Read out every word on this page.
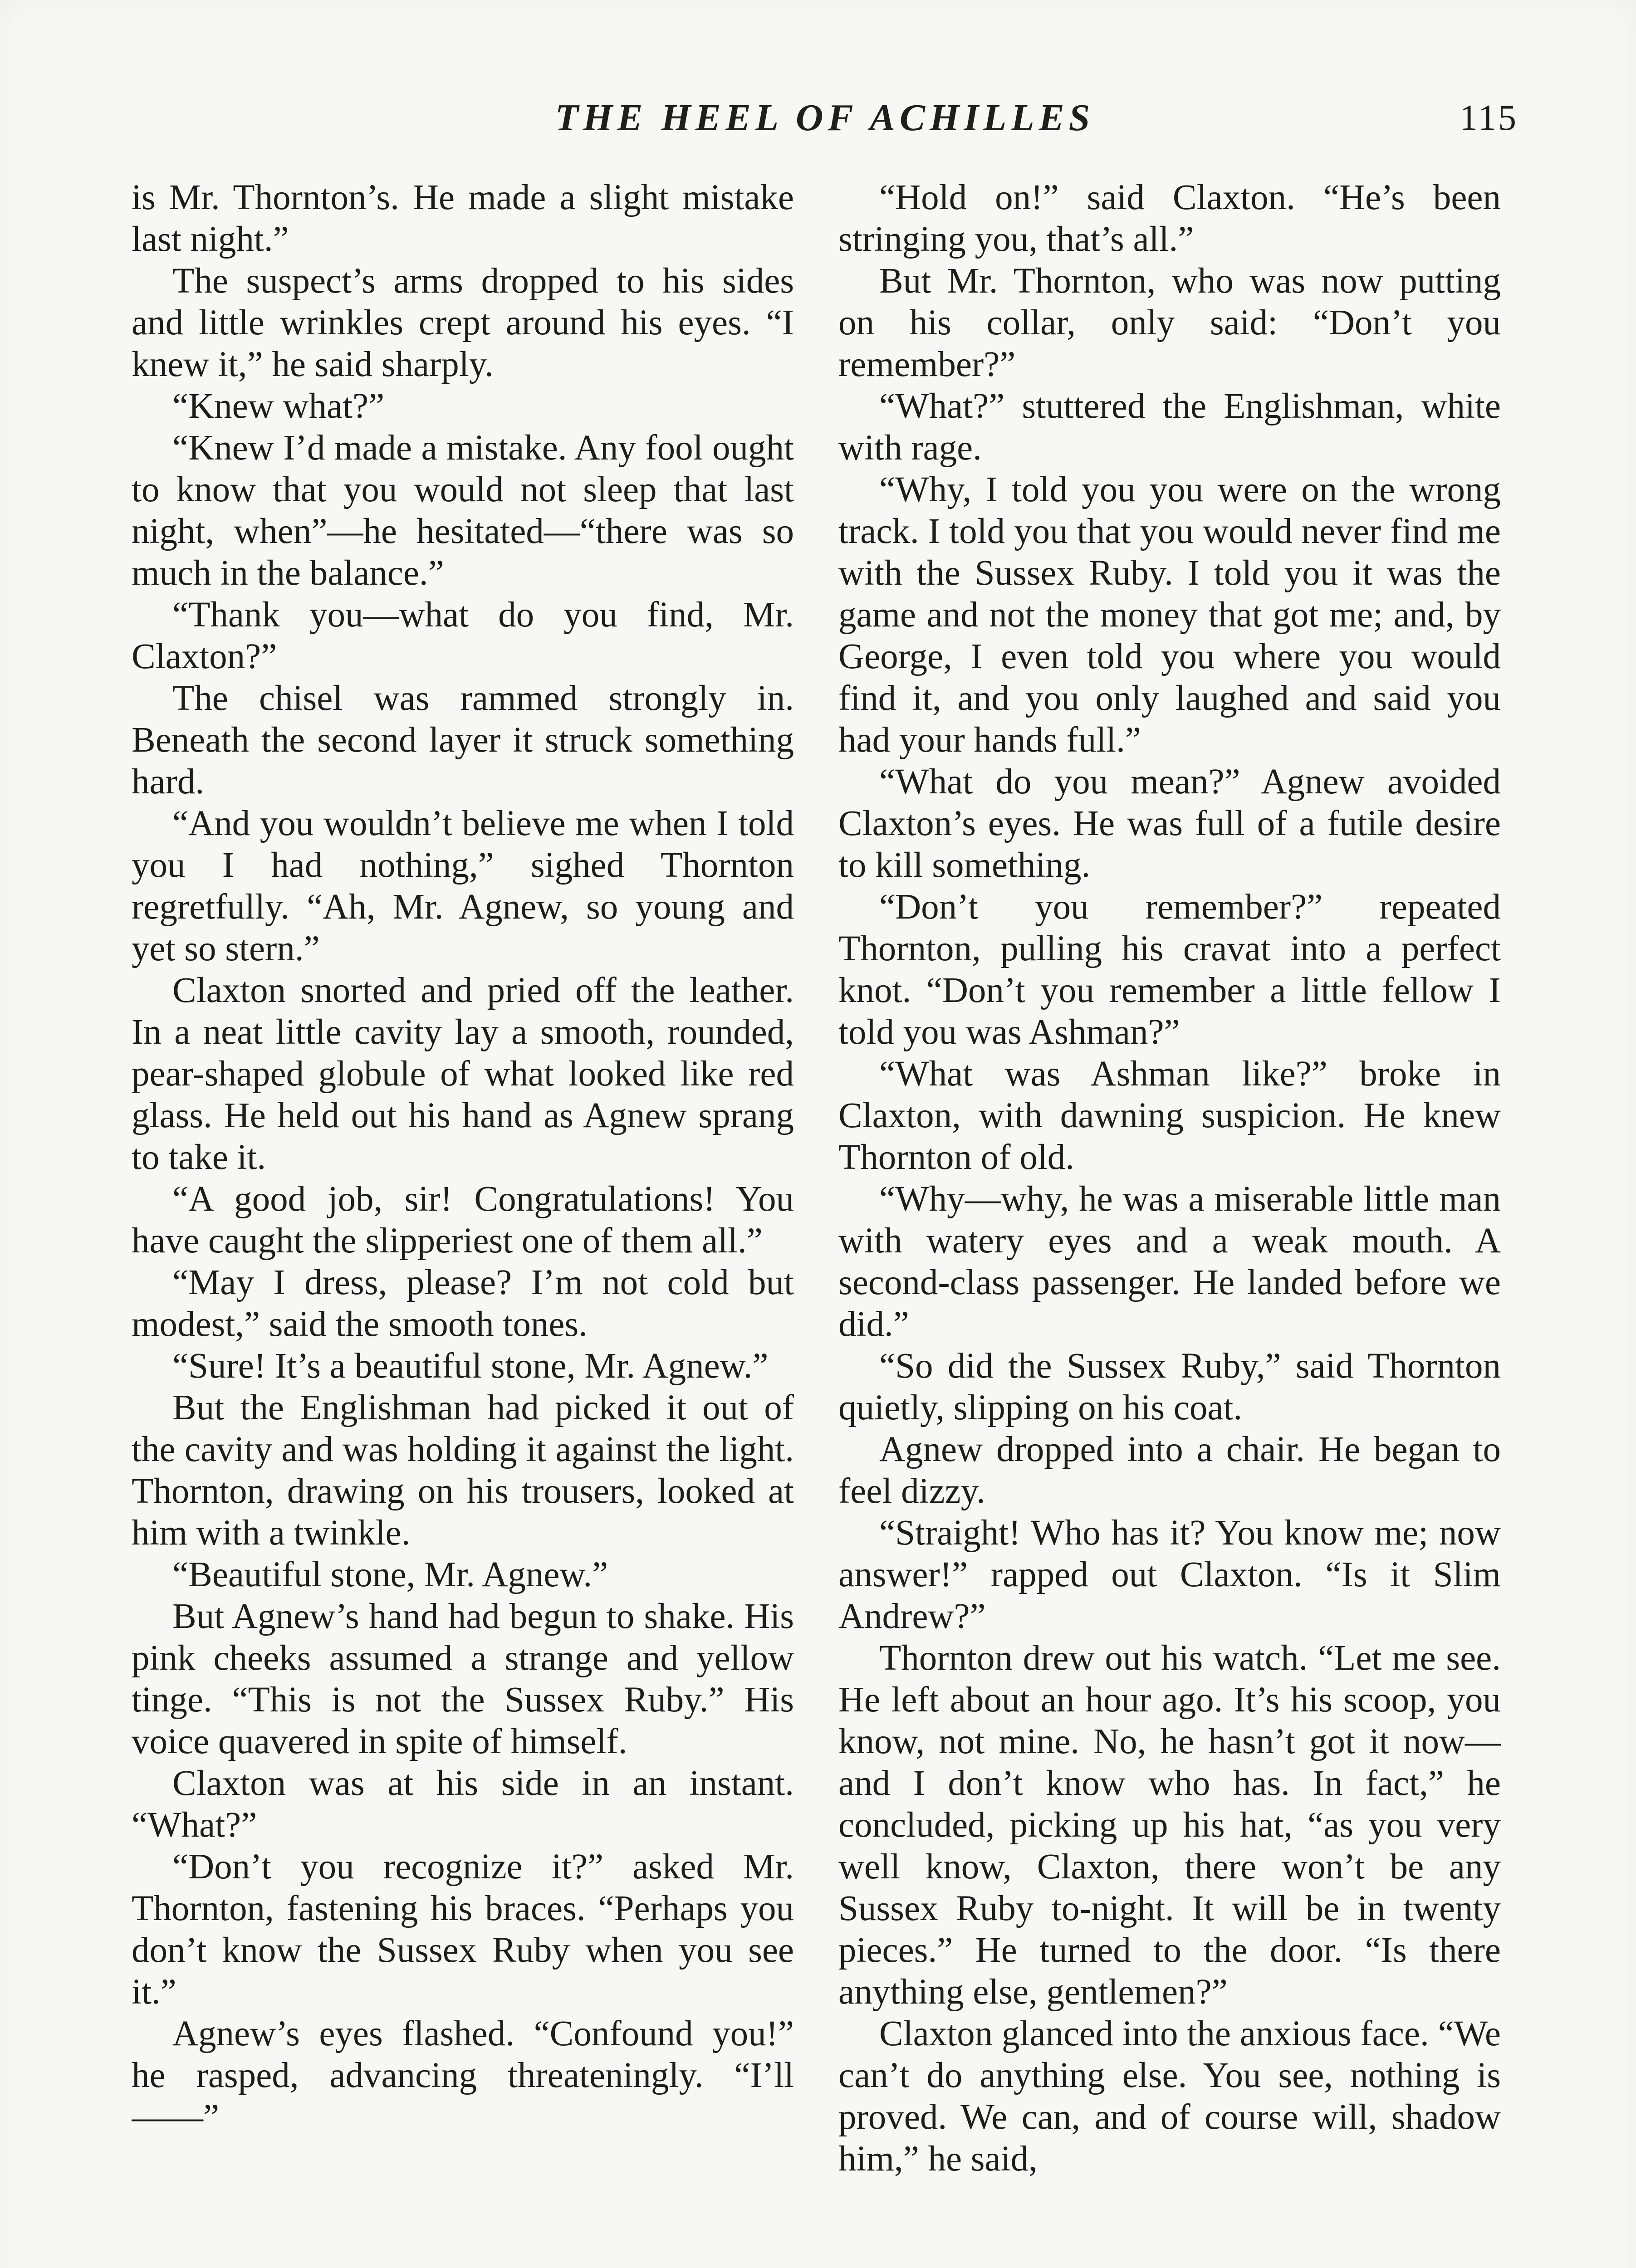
THE HEEL OF ACHILLES	115

is Mr. Thornton’s. He made a slight mistake last night.”

The suspect’s arms dropped to his sides and little wrinkles crept around his eyes. “I knew it,” he said sharply.

“Knew what?”

“Knew I’d made a mistake. Any fool ought to know that you would not sleep that last night, when”—he hesitated—“there was so much in the balance.”

“Thank you—what do you find, Mr. Claxton?”

The chisel was rammed strongly in. Beneath the second layer it struck something hard.

“And you wouldn’t believe me when I told you I had nothing,” sighed Thornton regretfully. “Ah, Mr. Agnew, so young and yet so stern.”

Claxton snorted and pried off the leather. In a neat little cavity lay a smooth, rounded, pear-shaped globule of what looked like red glass. He held out his hand as Agnew sprang to take it.

“A good job, sir! Congratulations! You have caught the slipperiest one of them all.”

“May I dress, please? I’m not cold but modest,” said the smooth tones.

“Sure! It’s a beautiful stone, Mr. Agnew.”

But the Englishman had picked it out of the cavity and was holding it against the light. Thornton, drawing on his trousers, looked at him with a twinkle.

“Beautiful stone, Mr. Agnew.”

But Agnew’s hand had begun to shake. His pink cheeks assumed a strange and yellow tinge. “This is not the Sussex Ruby.” His voice quavered in spite of himself.

Claxton was at his side in an instant. “What?”

“Don’t you recognize it?” asked Mr. Thornton, fastening his braces. “Perhaps you don’t know the Sussex Ruby when you see it.”

Agnew’s eyes flashed. “Confound you!” he rasped, advancing threateningly. “I’ll——”

“Hold on!” said Claxton. “He’s been stringing you, that’s all.”

But Mr. Thornton, who was now putting on his collar, only said: “Don’t you remember?”

“What?” stuttered the Englishman, white with rage.

“Why, I told you you were on the wrong track. I told you that you would never find me with the Sussex Ruby. I told you it was the game and not the money that got me; and, by George, I even told you where you would find it, and you only laughed and said you had your hands full.”

“What do you mean?” Agnew avoided Claxton’s eyes. He was full of a futile desire to kill something.

“Don’t you remember?” repeated Thornton, pulling his cravat into a perfect knot. “Don’t you remember a little fellow I told you was Ashman?”

“What was Ashman like?” broke in Claxton, with dawning suspicion. He knew Thornton of old.

“Why—why, he was a miserable little man with watery eyes and a weak mouth. A second-class passenger. He landed before we did.”

“So did the Sussex Ruby,” said Thornton quietly, slipping on his coat.

Agnew dropped into a chair. He began to feel dizzy.

“Straight! Who has it? You know me; now answer!” rapped out Claxton. “Is it Slim Andrew?”

Thornton drew out his watch. “Let me see. He left about an hour ago. It’s his scoop, you know, not mine. No, he hasn’t got it now—and I don’t know who has. In fact,” he concluded, picking up his hat, “as you very well know, Claxton, there won’t be any Sussex Ruby to-night. It will be in twenty pieces.” He turned to the door. “Is there anything else, gentlemen?”

Claxton glanced into the anxious face. “We can’t do anything else. You see, nothing is proved. We can, and of course will, shadow him,” he said,
